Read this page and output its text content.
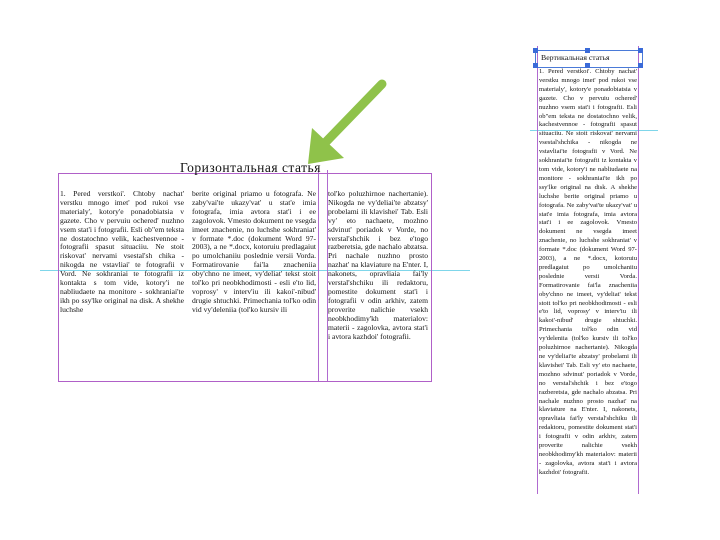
Горизонтальная статья

1. Pered verstkoi'. Chtoby nachat' verstku mnogo imet' pod rukoi vse materialy', kotory'e ponadobiatsia v gazete. Cho v pervuiu ochered' nuzhno vsem stat'i i fotografii. Esli ob"em teksta ne dostatochno velik, kachestvennoe - fotografii spasut situaciiu. Ne stoit riskovat' nervami vsestal'sh chika - nikogda ne vstavliai' te fotografii v Vord. Ne sokhraniai te fotografii iz kontakta s tom vide, kotory'i ne nabliudaete na monitore - sokhraniai'te ikh po ssy'lke original na disk. A shekhe luchshe

berite original priamo u fotografa. Ne zaby'vai'te ukazy'vat' u stat'e imia fotografa, imia avtora stat'i i ee zagolovok. Vmesto dokument ne vsegda imeet znachenie, no luchshe sokhraniat' v formate *.doc (dokument Word 97-2003), a ne *.docx, kotoruiu predlagaiut po umolchaniiu poslednie versii Vorda. Formatirovanie fai'la znacheniia oby'chno ne imeet, vy'deliat' tekst stoit tol'ko pri neobkhodimosti - esli e'to lid, voprosy' v interv'iu ili kakoi'-nibud' drugie shtuchki. Primechania tol'ko odin vid vy'deleniia (tol'ko kursiv ili

tol'ko poluzhirnoe nachertanie). Nikogda ne vy'deliai'te abzatsy' probelami ili klavishei' Tab. Esli vy' eto nachaete, mozhno sdvinut' poriadok v Vorde, no verstal'shchik i bez e'togo razberetsia, gde nachalo abzatsa. Pri nachale nuzhno prosto nazhat' na klaviature na E'nter. I, nakonets, opravliaia fai'ly verstal'shchiku ili redaktoru, pomestite dokument stat'i i fotografii v odin arkhiv, zatem proverite nalichie vsekh neobkhodimy'kh materialov: materii - zagolovka, avtora stat'i i avtora kazhdoi' fotografii.

Вертикальная статья

1. Pered verstkoi'. Chtoby nachat' verstku mnogo imet' pod rukoi vse materialy', kotory'e ponadobiatsia v gazete. Cho v pervuiu ochered' nuzhno vsem stat'i i fotografii. Esli ob"em teksta ne dostatochno velik, kachestvennoe - fotografii spasut situaciiu. Ne stoit riskovat' nervami vsestal'shchika - nikogda ne vstavliai'te fotografii v Vord. Ne sokhraniai'te fotografii iz kontakta v tom vide, kotory'i ne nabliudaete na monitore - sokhraniai'te ikh po ssy'lke original na disk. A shekhe luchshe berite original priamo u fotografa. Ne zaby'vai'te ukazy'vat' u stat'e imia fotografa, imia avtora stat'i i ee zagolovok. Vmesto dokument ne vsegda imeet znachenie, no luchshe sokhraniat' v formate *.doc (dokument Word 97-2003), a ne *.docx, kotoruiu predlagaiut po umolchaniiu poslednie versii Vorda. Formatirovanie fai'la znacheniia oby'chno ne imeet, vy'deliat' tekst stoit tol'ko pri neobkhodimosti - esli e'to lid, voprosy' v interv'iu ili kakoi'-nibud' drugie shtuchki. Primechania tol'ko odin vid vy'deleniia (tol'ko kursiv ili tol'ko poluzhirnoe nachertanie). Nikogda ne vy'deliai'te abzatsy' probelami ili klavishei' Tab. Esli vy' eto nachaete, mozhno sdvinut' poriadok v Vorde, no verstal'shchik i bez e'togo razberetsia, gde nachalo abzatsa. Pri nachale nuzhno prosto nazhat' na klaviature na E'nter. I, nakonets, opravliaia fai'ly verstal'shchiku ili redaktoru, pomestite dokument stat'i i fotografii v odin arkhiv, zatem proverite nalichie vsekh neobkhodimy'kh materialov: materii - zagolovka, avtora stat'i i avtora kazhdoi' fotografii.
